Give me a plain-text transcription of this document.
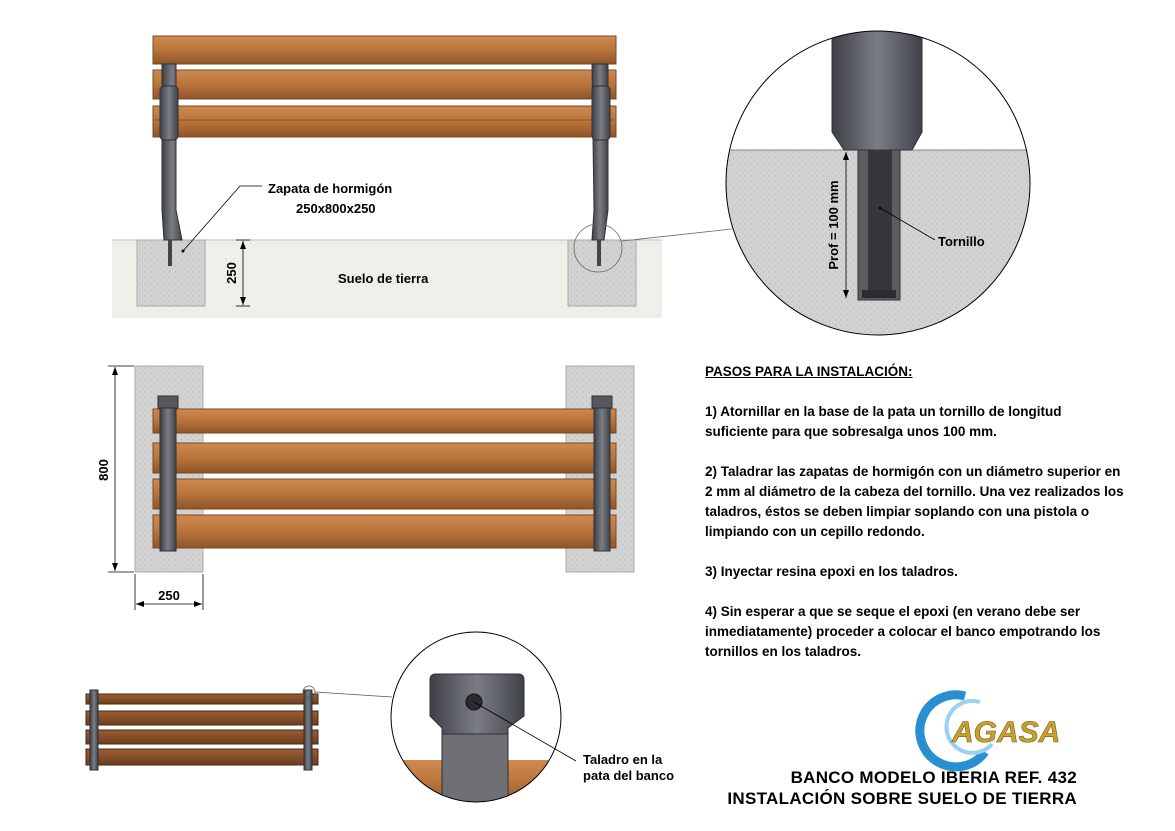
Zapata de hormigón
250x800x250
250	Suelo de tierra
Prof = 100 mm	Tornillo
800
250
Taladro en la
pata del banco
AGASA
PASOS PARA LA INSTALACIÓN:

1) Atornillar en la base de la pata un tornillo de longitud suficiente para que sobresalga unos 100 mm.

2) Taladrar las zapatas de hormigón con un diámetro superior en 2 mm al diámetro de la cabeza del tornillo. Una vez realizados los taladros, éstos se deben limpiar soplando con una pistola o limpiando con un cepillo redondo.

3) Inyectar resina epoxi en los taladros.

4) Sin esperar a que se seque el epoxi (en verano debe ser inmediatamente) proceder a colocar el banco empotrando los tornillos en los taladros.

BANCO MODELO IBERIA REF. 432
INSTALACIÓN SOBRE SUELO DE TIERRA
